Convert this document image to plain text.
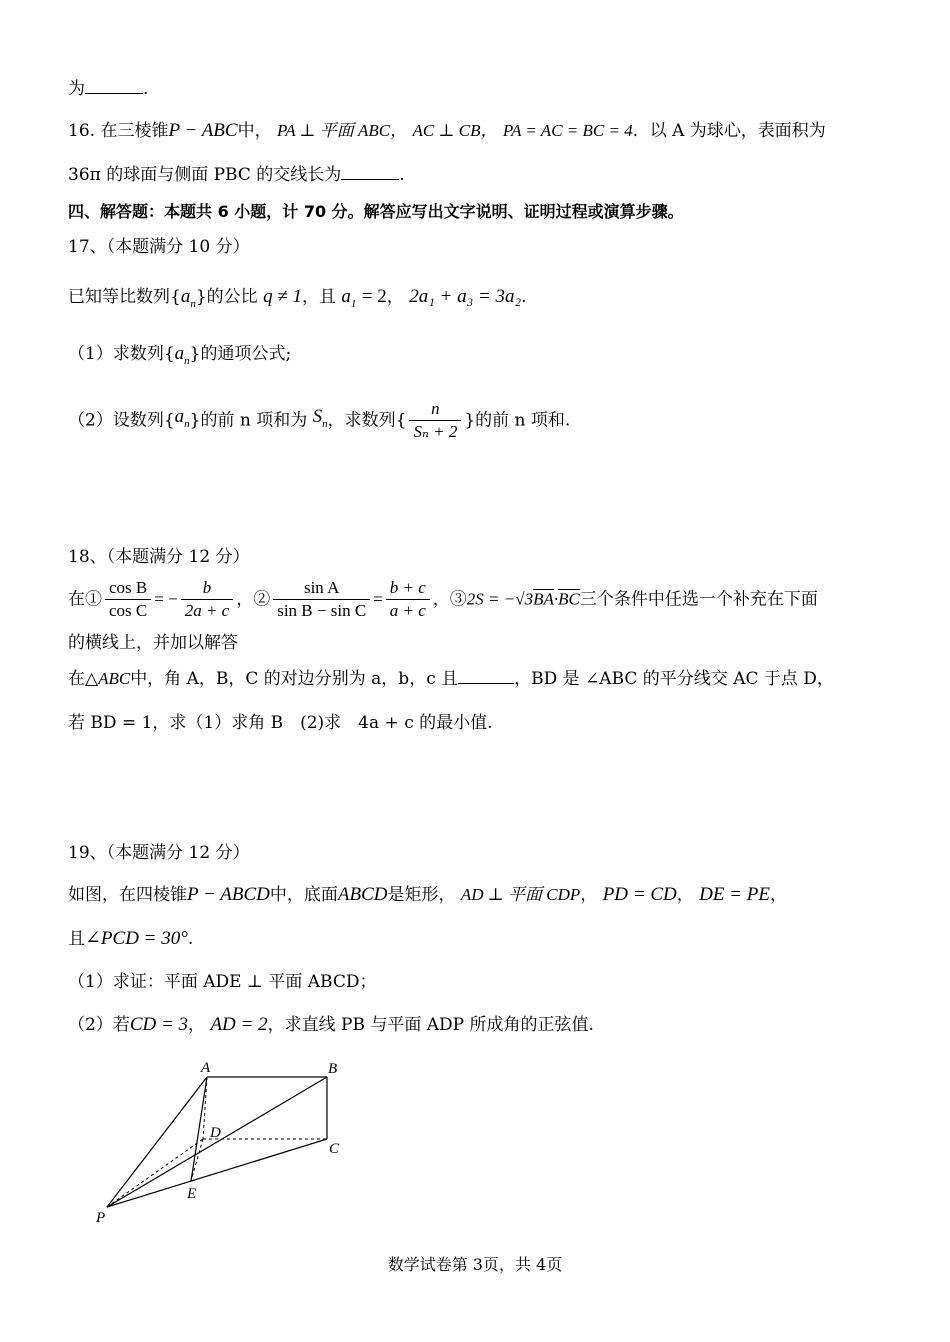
为	.
16. 在三棱锥P − ABC中， PA ⊥ 平面 ABC， AC ⊥ CB， PA = AC = BC = 4．以 A 为球心，表面积为
36π 的球面与侧面 PBC 的交线长为	.
四、解答题：本题共 6 小题，计 70 分。解答应写出文字说明、证明过程或演算步骤。
17、（本题满分 10 分）
已知等比数列$\{a_n\}$的公比 q ≠ 1，且 $a_1 = 2$， 2a₁ + a₃ = 3a₂.
（1）求数列$\{a_n\}$的通项公式;
（2）设数列$\{a_n\}$的前 n 项和为 $S_n$，求数列{ $\frac{n}{\text{Sₙ + 2}}$ }的前 n 项和.
18、（本题满分 12 分）
在① $\frac{\text{cos B}}{\text{cos C}}$ = − $\frac{b}{2a + c}$ ，② $\frac{\text{sin A}}{\text{sin B − sin C}} = \frac{b + c}{a + c}$ ，③2S = $-√3\overline{BA}\cdot\overline{BC}$三个条件中任选一个补充在下面
的横线上，并加以解答
在△ABC中，角 A，B，C 的对边分别为 a，b，c 且	，BD 是 ∠ABC 的平分线交 AC 于点 D，
若 BD = 1，求（1）求角 B　(2)求　4a + c 的最小值.
19、（本题满分 12 分）
如图，在四棱锥P − ABCD中，底面ABCD是矩形， AD ⊥ 平面 CDP， PD = CD， DE = PE，
且∠PCD = 30°.
（1）求证：平面 ADE ⊥ 平面 ABCD；
（2）若CD = 3， AD = 2，求直线 PB 与平面 ADP 所成角的正弦值.
A	B
C
D
E
P
数学试卷第 3页，共 4页
